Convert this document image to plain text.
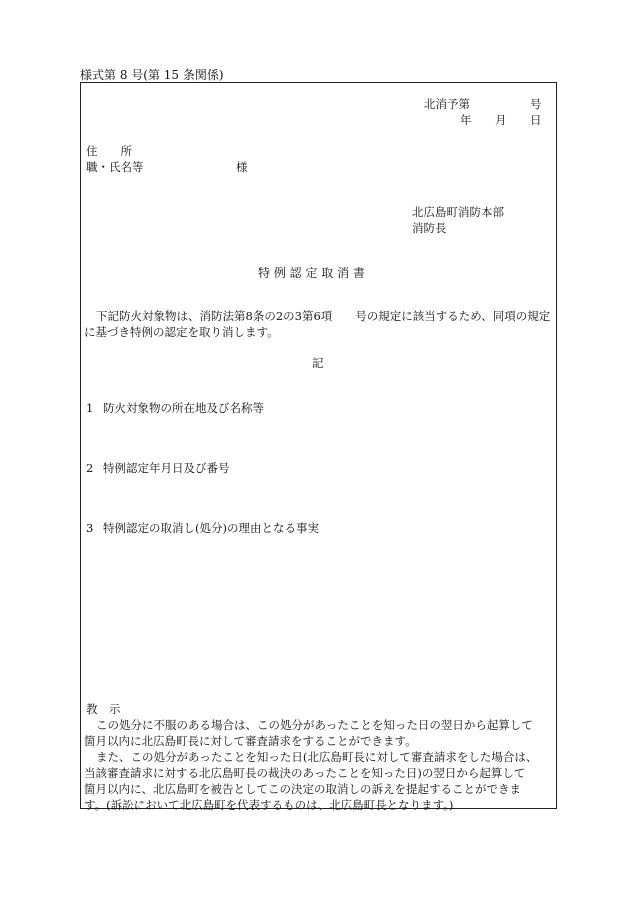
様式第 8 号(第 15 条関係)
北消予第	号
年 月 日
住　　所
職・氏名等	様
北広島町消防本部
消防長
特 例 認 定 取 消 書
下記防火対象物は、消防法第8条の2の3第6項　　号の規定に該当するため、同項の規定
に基づき特例の認定を取り消します。
記
1 防火対象物の所在地及び名称等
2 特例認定年月日及び番号
3 特例認定の取消し(処分)の理由となる事実
教　示
この処分に不服のある場合は、この処分があったことを知った日の翌日から起算して
箇月以内に北広島町長に対して審査請求をすることができます。
また、この処分があったことを知った日(北広島町長に対して審査請求をした場合は、
当該審査請求に対する北広島町長の裁決のあったことを知った日)の翌日から起算して
箇月以内に、北広島町を被告としてこの決定の取消しの訴えを提起することができま
す。(訴訟において北広島町を代表するものは、北広島町長となります。)
